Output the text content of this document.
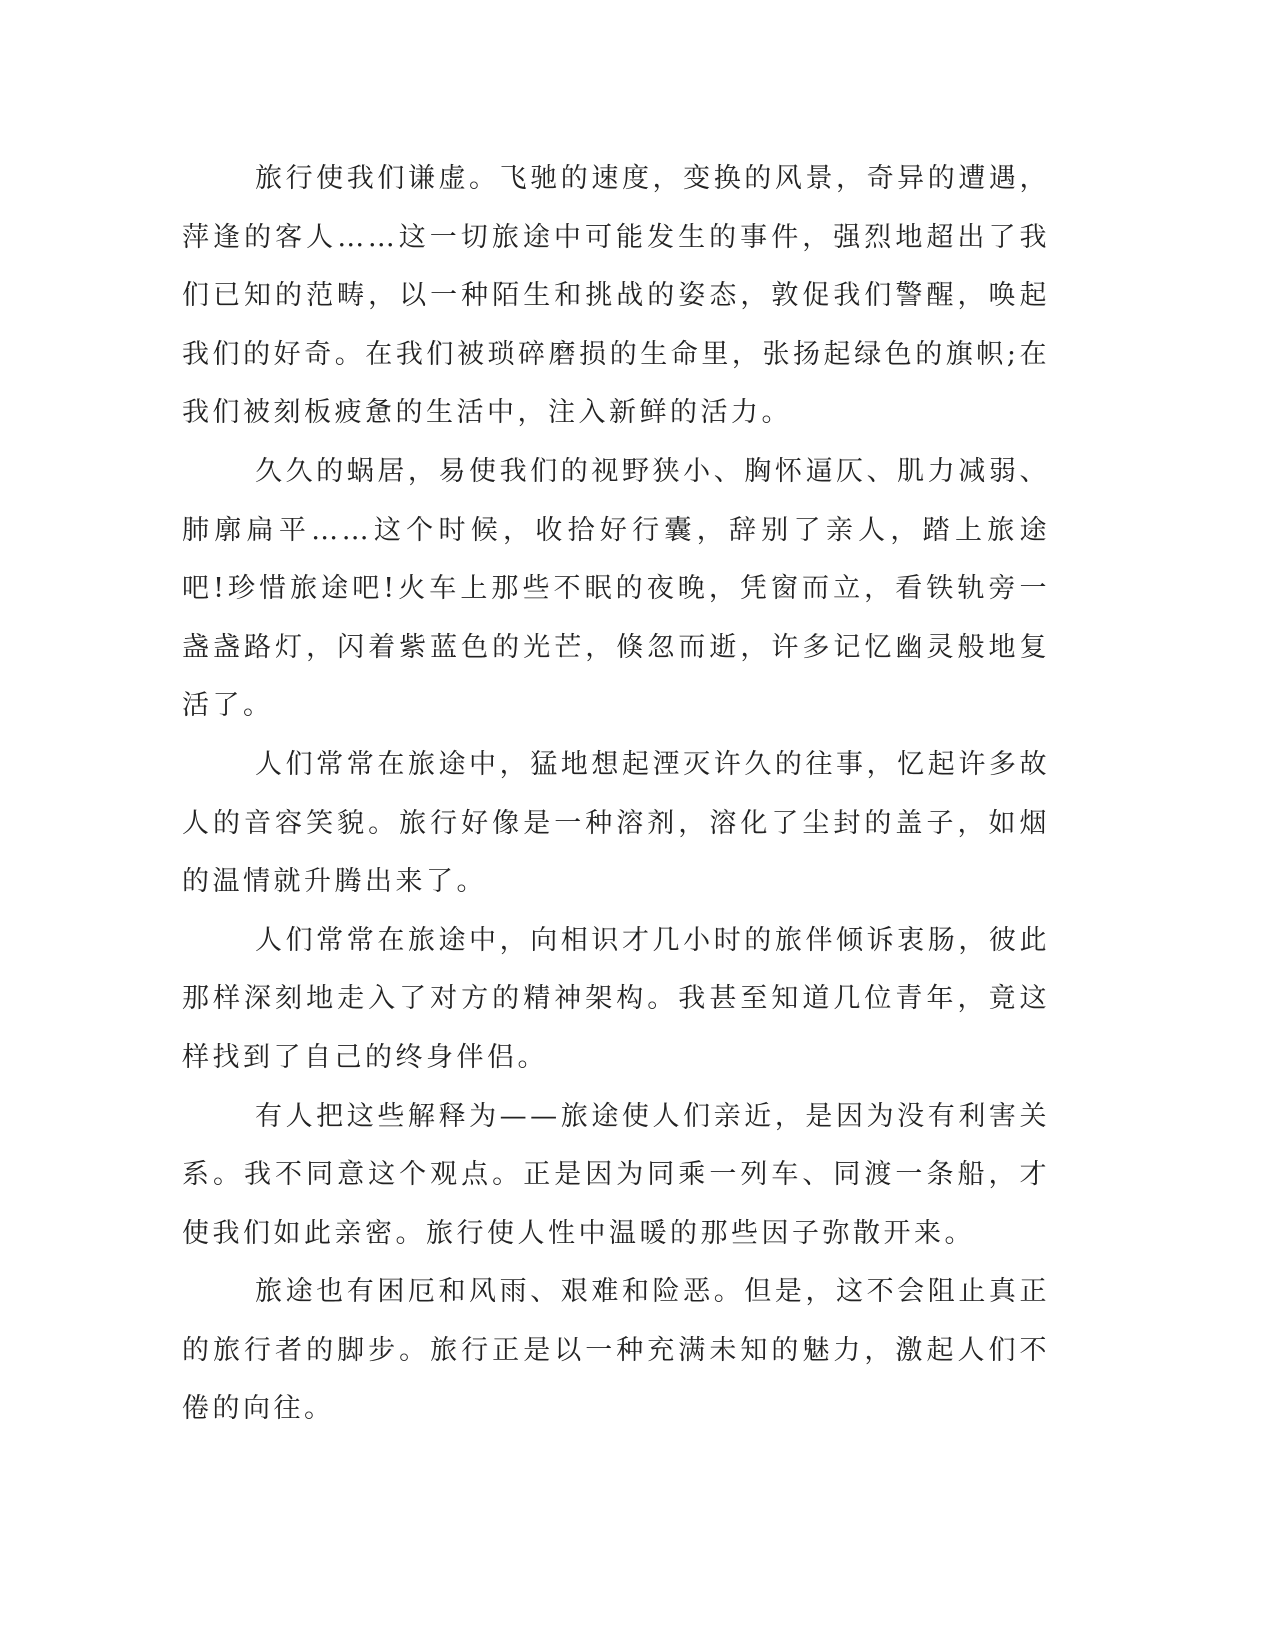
旅行使我们谦虚。飞驰的速度，变换的风景，奇异的遭遇，萍逢的客人……这一切旅途中可能发生的事件，强烈地超出了我们已知的范畴，以一种陌生和挑战的姿态，敦促我们警醒，唤起我们的好奇。在我们被琐碎磨损的生命里，张扬起绿色的旗帜;在我们被刻板疲惫的生活中，注入新鲜的活力。

久久的蜗居，易使我们的视野狭小、胸怀逼仄、肌力减弱、肺廓扁平……这个时候，收拾好行囊，辞别了亲人，踏上旅途吧!珍惜旅途吧!火车上那些不眠的夜晚，凭窗而立，看铁轨旁一盏盏路灯，闪着紫蓝色的光芒，倏忽而逝，许多记忆幽灵般地复活了。

人们常常在旅途中，猛地想起湮灭许久的往事，忆起许多故人的音容笑貌。旅行好像是一种溶剂，溶化了尘封的盖子，如烟的温情就升腾出来了。

人们常常在旅途中，向相识才几小时的旅伴倾诉衷肠，彼此那样深刻地走入了对方的精神架构。我甚至知道几位青年，竟这样找到了自己的终身伴侣。

有人把这些解释为——旅途使人们亲近，是因为没有利害关系。我不同意这个观点。正是因为同乘一列车、同渡一条船，才使我们如此亲密。旅行使人性中温暖的那些因子弥散开来。

旅途也有困厄和风雨、艰难和险恶。但是，这不会阻止真正的旅行者的脚步。旅行正是以一种充满未知的魅力，激起人们不倦的向往。
